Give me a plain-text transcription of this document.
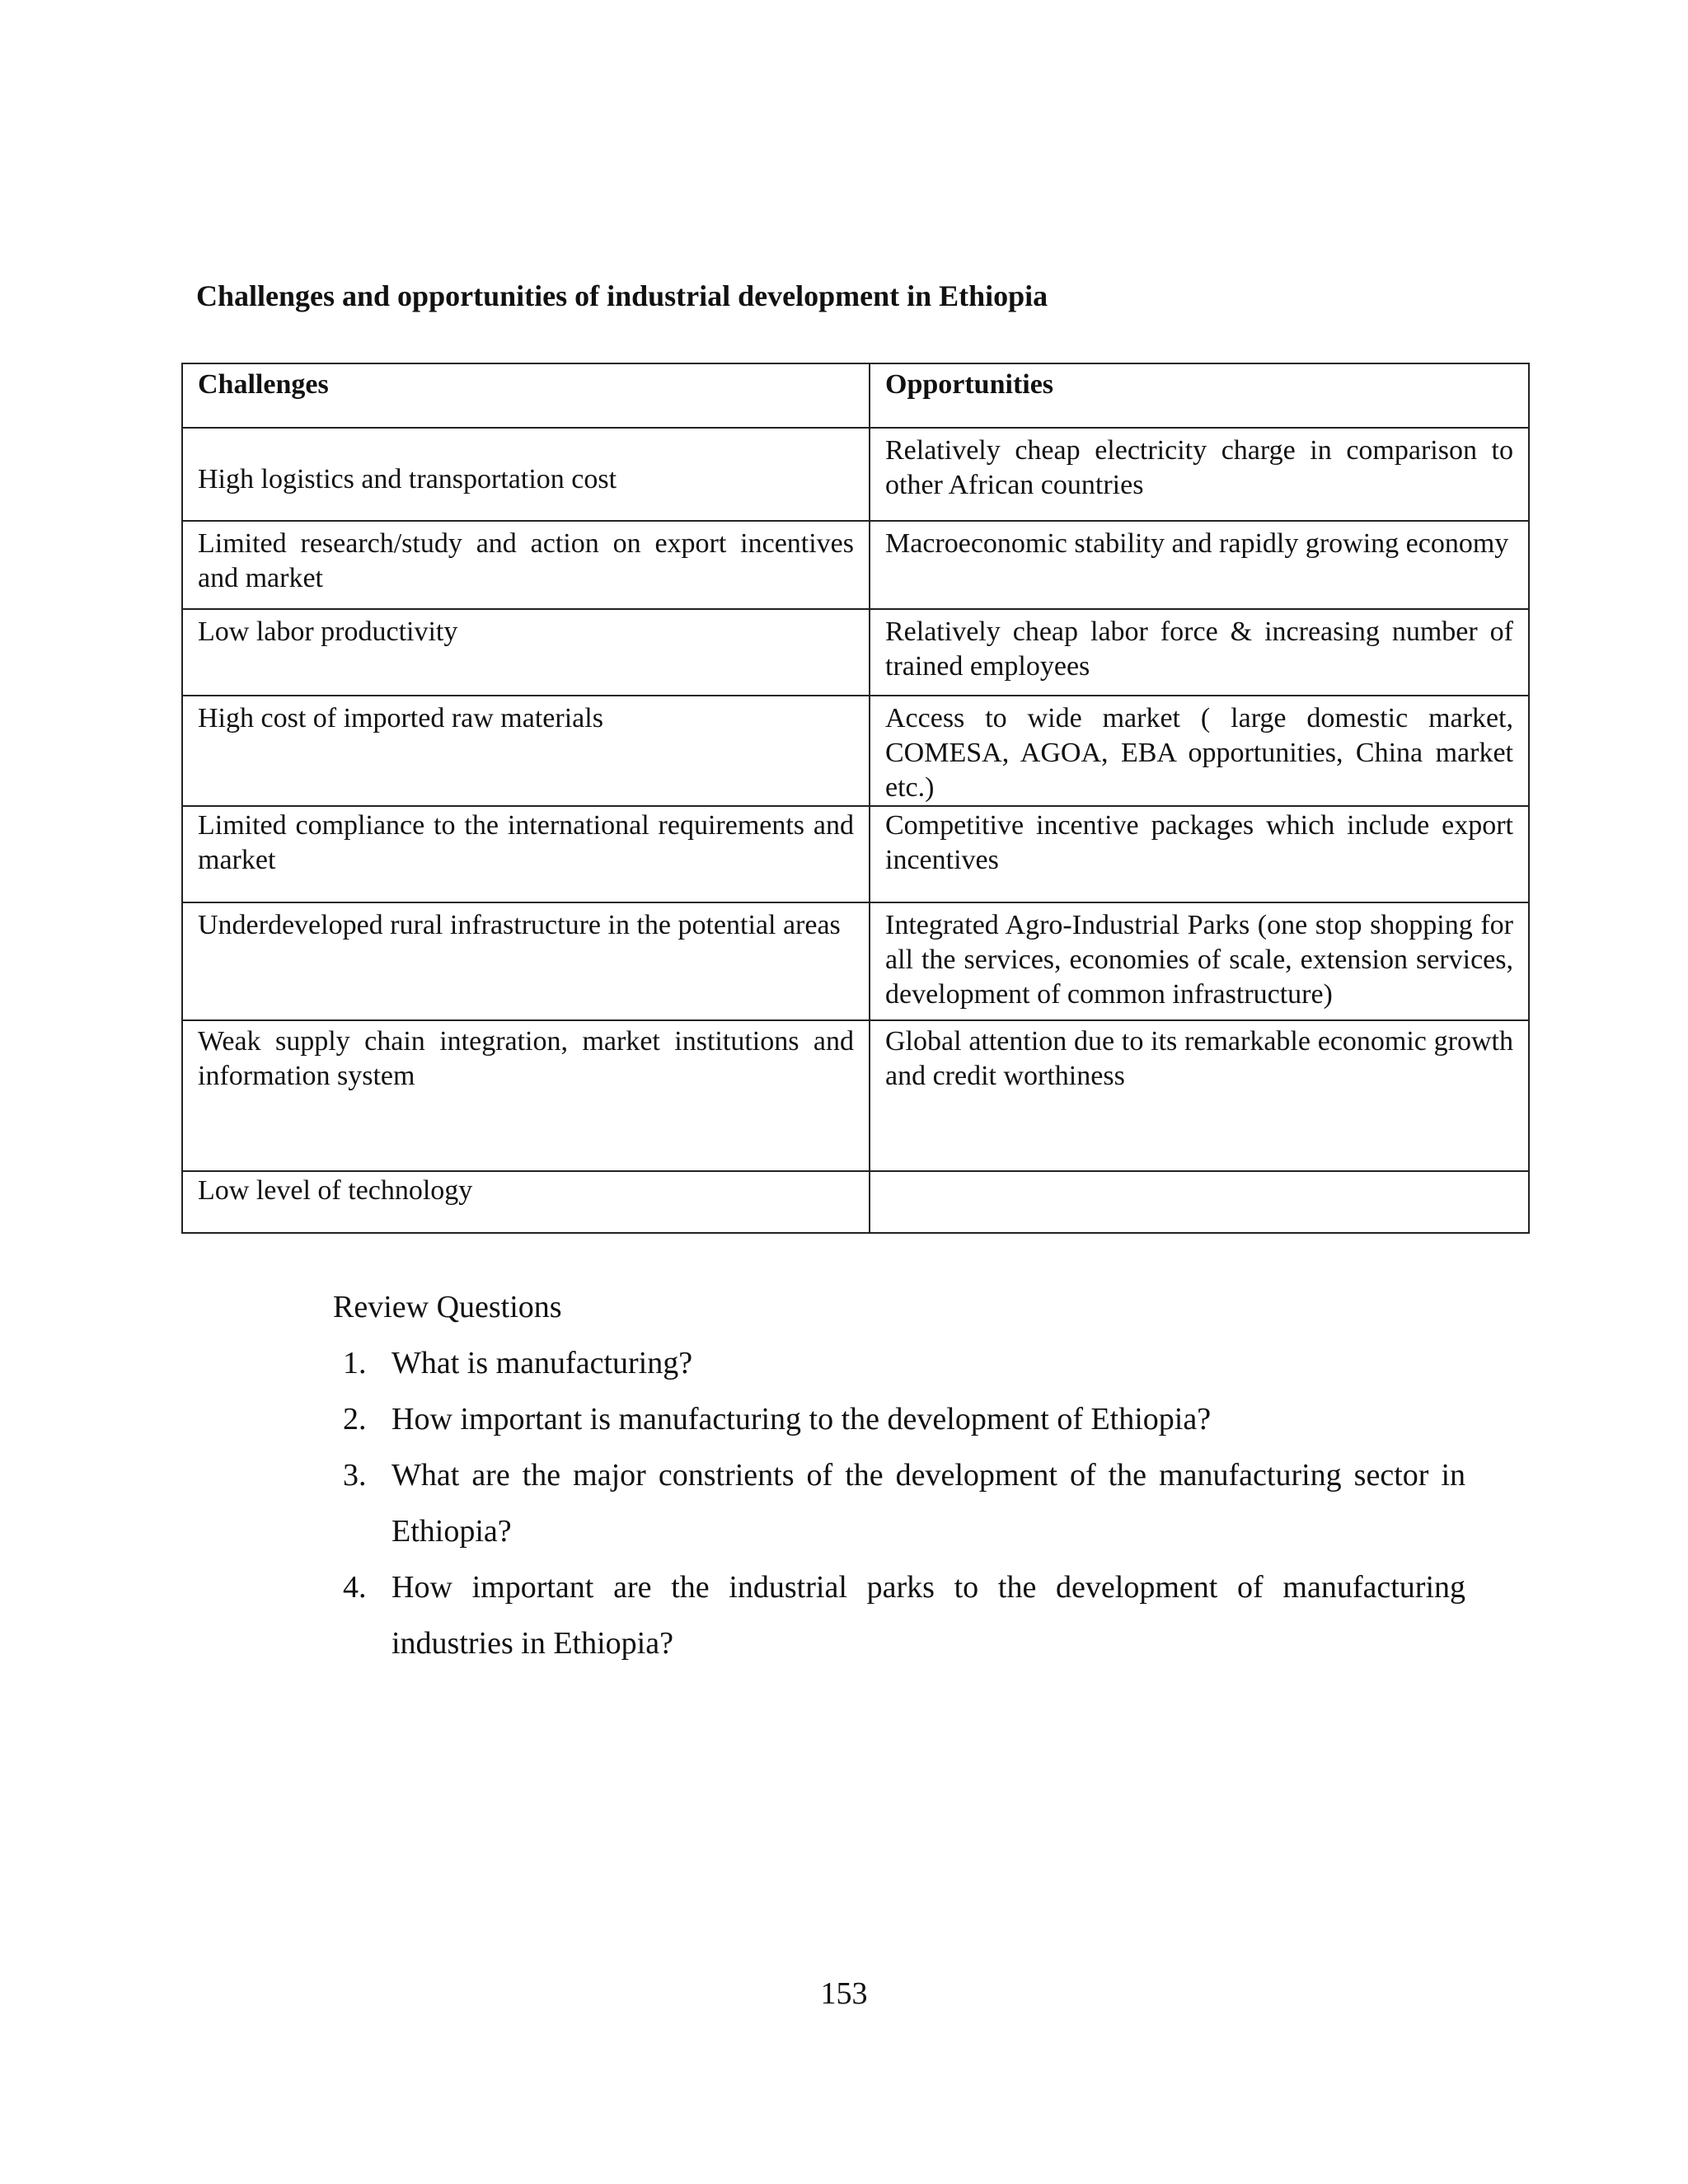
Challenges and opportunities of industrial development in Ethiopia
Challenges	Opportunities
High logistics and transportation cost	Relatively cheap electricity charge in comparison to other African countries
Limited research/study and action on export incentives and market	Macroeconomic stability and rapidly growing economy
Low labor productivity	Relatively cheap labor force & increasing number of trained employees
High cost of imported raw materials	Access to wide market ( large domestic market, COMESA, AGOA, EBA opportunities, China market etc.)
Limited compliance to the international requirements and market	Competitive incentive packages which include export incentives
Underdeveloped rural infrastructure in the potential areas	Integrated Agro-Industrial Parks (one stop shopping for all the services, economies of scale, extension services, development of common infrastructure)
Weak supply chain integration, market institutions and information system	Global attention due to its remarkable economic growth and credit worthiness
Low level of technology	

Review Questions

1. What is manufacturing?
2. How important is manufacturing to the development of Ethiopia?
3. What are the major constrients of the development of the manufacturing sector in Ethiopia?
4. How important are the industrial parks to the development of manufacturing industries in Ethiopia?
153
